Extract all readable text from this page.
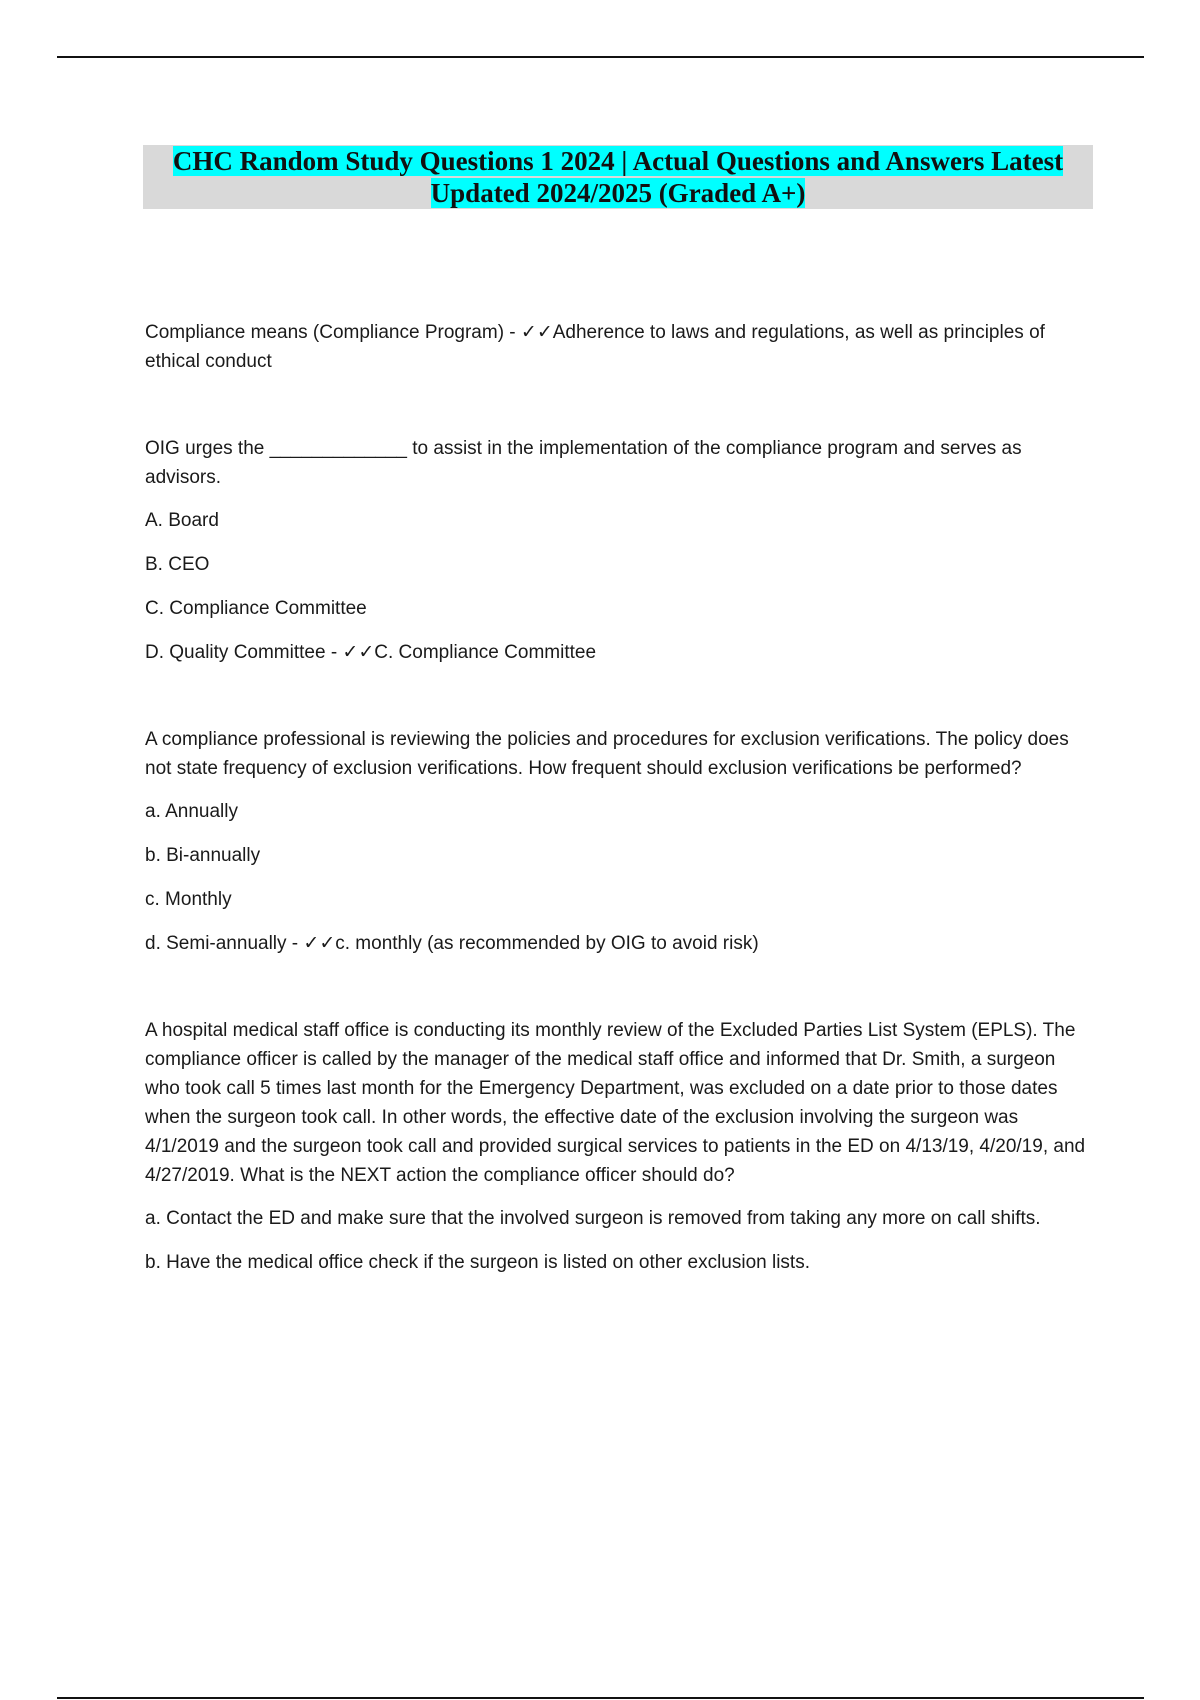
CHC Random Study Questions 1 2024 | Actual Questions and Answers Latest
Updated 2024/2025 (Graded A+)

Compliance means (Compliance Program) - ✓✓Adherence to laws and regulations, as well as principles of ethical conduct

OIG urges the _____________ to assist in the implementation of the compliance program and serves as advisors.

A. Board

B. CEO

C. Compliance Committee

D. Quality Committee - ✓✓C. Compliance Committee

A compliance professional is reviewing the policies and procedures for exclusion verifications. The policy does not state frequency of exclusion verifications. How frequent should exclusion verifications be performed?

a. Annually

b. Bi-annually

c. Monthly

d. Semi-annually - ✓✓c. monthly (as recommended by OIG to avoid risk)

A hospital medical staff office is conducting its monthly review of the Excluded Parties List System (EPLS). The compliance officer is called by the manager of the medical staff office and informed that Dr. Smith, a surgeon who took call 5 times last month for the Emergency Department, was excluded on a date prior to those dates when the surgeon took call. In other words, the effective date of the exclusion involving the surgeon was 4/1/2019 and the surgeon took call and provided surgical services to patients in the ED on 4/13/19, 4/20/19, and 4/27/2019. What is the NEXT action the compliance officer should do?

a. Contact the ED and make sure that the involved surgeon is removed from taking any more on call shifts.

b. Have the medical office check if the surgeon is listed on other exclusion lists.
